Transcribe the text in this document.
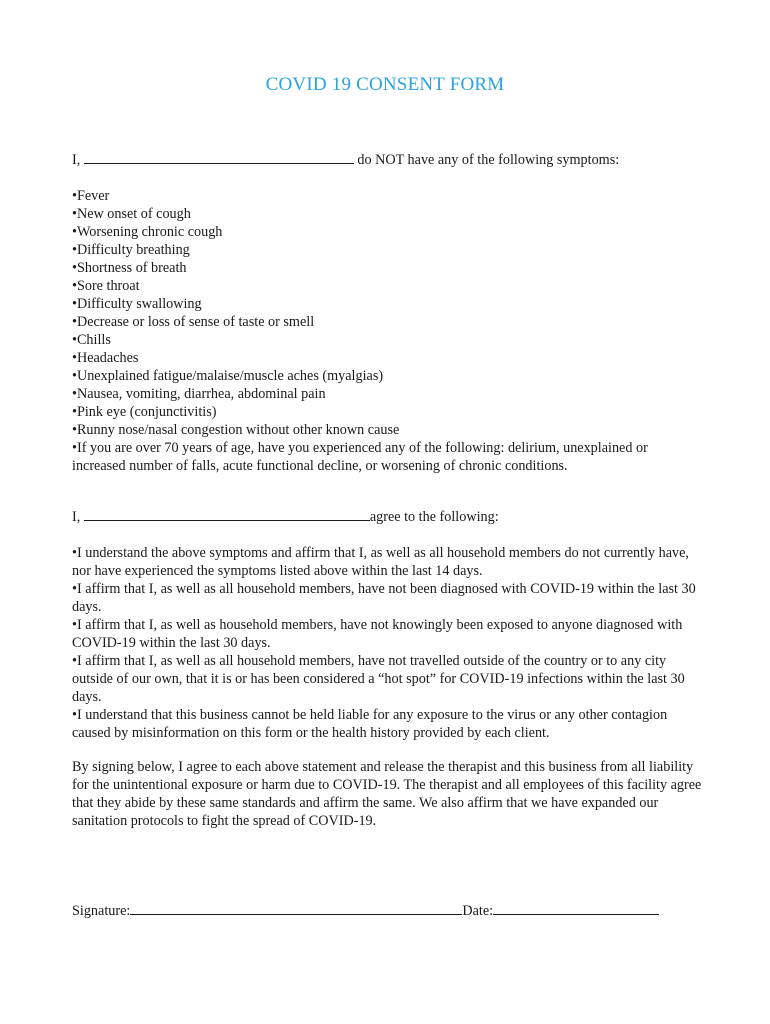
COVID 19 CONSENT FORM
I,	do NOT have any of the following symptoms:
•Fever
•New onset of cough
•Worsening chronic cough
•Difficulty breathing
•Shortness of breath
•Sore throat
•Difficulty swallowing
•Decrease or loss of sense of taste or smell
•Chills
•Headaches
•Unexplained fatigue/malaise/muscle aches (myalgias)
•Nausea, vomiting, diarrhea, abdominal pain
•Pink eye (conjunctivitis)
•Runny nose/nasal congestion without other known cause
•If you are over 70 years of age, have you experienced any of the following: delirium, unexplained or increased number of falls, acute functional decline, or worsening of chronic conditions.
I,	agree to the following:
•I understand the above symptoms and affirm that I, as well as all household members do not currently have, nor have experienced the symptoms listed above within the last 14 days.
•I affirm that I, as well as all household members, have not been diagnosed with COVID-19 within the last 30 days.
•I affirm that I, as well as household members, have not knowingly been exposed to anyone diagnosed with COVID-19 within the last 30 days.
•I affirm that I, as well as all household members, have not travelled outside of the country or to any city outside of our own, that it is or has been considered a “hot spot” for COVID-19 infections within the last 30 days.
•I understand that this business cannot be held liable for any exposure to the virus or any other contagion caused by misinformation on this form or the health history provided by each client.
By signing below, I agree to each above statement and release the therapist and this business from all liability for the unintentional exposure or harm due to COVID-19. The therapist and all employees of this facility agree that they abide by these same standards and affirm the same. We also affirm that we have expanded our sanitation protocols to fight the spread of COVID-19.
Signature:	Date:
